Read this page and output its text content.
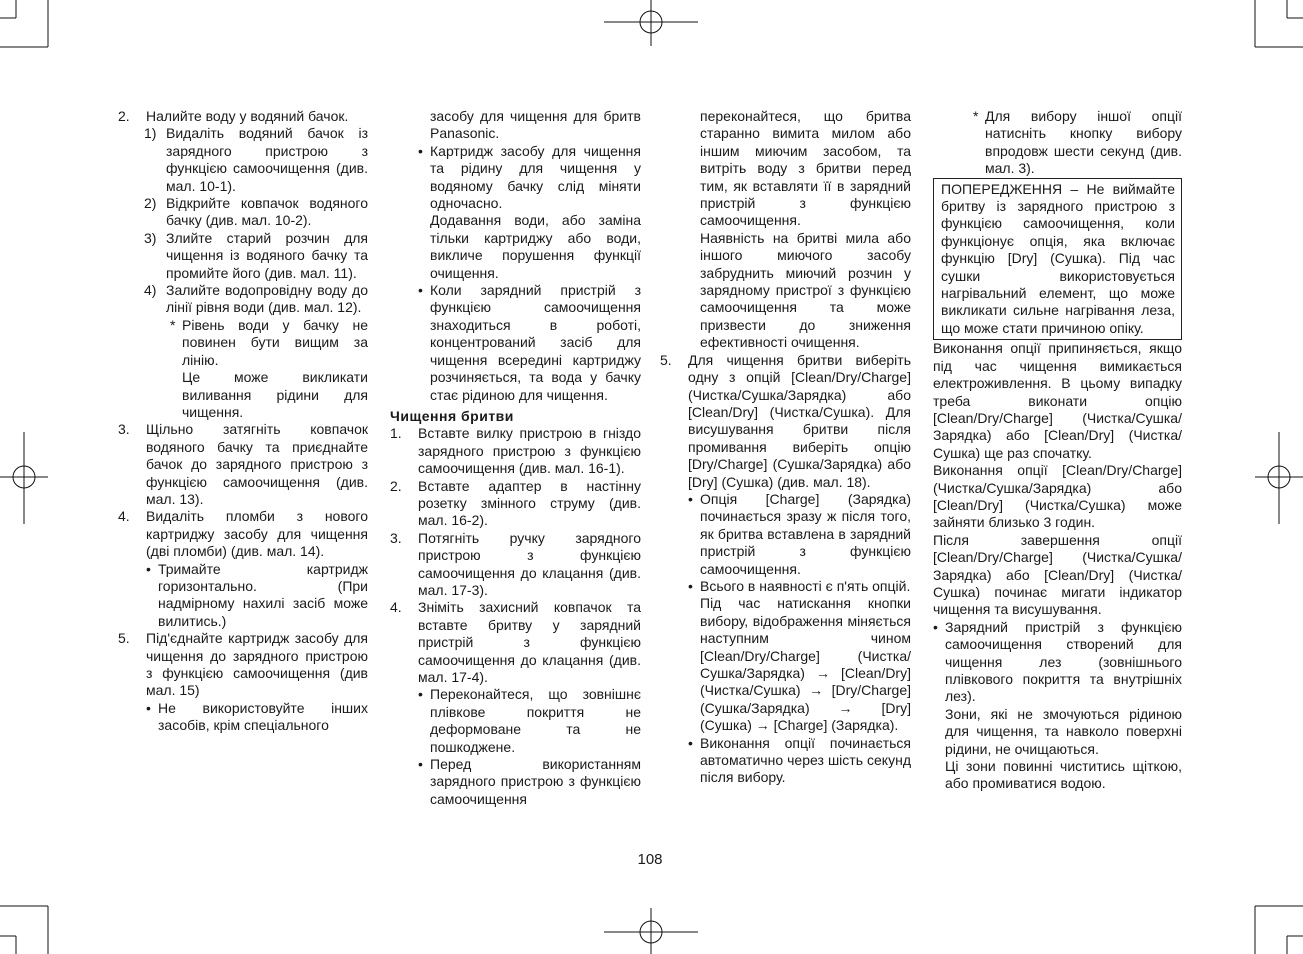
2. Налийте воду у водяний бачок.

1) Видаліть водяний бачок із зарядного пристрою з функцією самоочищення (див. мал. 10-1).

2) Відкрийте ковпачок водяного бачку (див. мал. 10-2).

3) Злийте старий розчин для чищення із водяного бачку та промийте його (див. мал. 11).

4) Залийте водопровідну воду до лінії рівня води (див. мал. 12).

* Рівень води у бачку не повинен бути вищим за лінію.

Це може викликати виливання рідини для чищення.

3. Щільно затягніть ковпачок водяного бачку та приєднайте бачок до зарядного пристрою з функцією самоочищення (див. мал. 13).

4. Видаліть пломби з нового картриджу засобу для чищення (дві пломби) (див. мал. 14).

• Тримайте картридж горизонтально. (При надмірному нахилі засіб може вилитись.)

5. Під'єднайте картридж засобу для чищення до зарядного пристрою з функцією самоочищення (див мал. 15)

• Не використовуйте інших засобів, крім спеціального

засобу для чищення для бритв Panasonic.

• Картридж засобу для чищення та рідину для чищення у водяному бачку слід міняти одночасно.

Додавання води, або заміна тільки картриджу або води, викличе порушення функції очищення.

• Коли зарядний пристрій з функцією самоочищення знаходиться в роботі, концентрований засіб для чищення всередині картриджу розчиняється, та вода у бачку стає рідиною для чищення.

Чищення бритви

1. Вставте вилку пристрою в гніздо зарядного пристрою з функцією самоочищення (див. мал. 16-1).

2. Вставте адаптер в настінну розетку змінного струму (див. мал. 16-2).

3. Потягніть ручку зарядного пристрою з функцією самоочищення до клацання (див. мал. 17-3).

4. Зніміть захисний ковпачок та вставте бритву у зарядний пристрій з функцією самоочищення до клацання (див. мал. 17-4).

• Переконайтеся, що зовнішнє плівкове покриття не деформоване та не пошкоджене.

• Перед використанням зарядного пристрою з функцією самоочищення

переконайтеся, що бритва старанно вимита милом або іншим миючим засобом, та витріть воду з бритви перед тим, як вставляти її в зарядний пристрій з функцією самоочищення.

Наявність на бритві мила або іншого миючого засобу забруднить миючий розчин у зарядному пристрої з функцією самоочищення та може призвести до зниження ефективності очищення.

5. Для чищення бритви виберіть одну з опцій [Clean/Dry/Charge] (Чистка/Сушка/Зарядка) або [Clean/Dry] (Чистка/Сушка). Для висушування бритви після промивання виберіть опцію [Dry/Charge] (Сушка/Зарядка) або [Dry] (Сушка) (див. мал. 18).

• Опція [Charge] (Зарядка) починається зразу ж після того, як бритва вставлена в зарядний пристрій з функцією самоочищення.

• Всього в наявності є п'ять опцій.

Під час натискання кнопки вибору, відображення міняється наступним чином [Clean/Dry/Charge] (Чистка/Сушка/Зарядка) → [Clean/Dry] (Чистка/Сушка) → [Dry/Charge] (Сушка/Зарядка) → [Dry] (Сушка) → [Charge] (Зарядка).

• Виконання опції починається автоматично через шість секунд після вибору.

* Для вибору іншої опції натисніть кнопку вибору впродовж шести секунд (див. мал. 3).

ПОПЕРЕДЖЕННЯ – Не виймайте бритву із зарядного пристрою з функцією самоочищення, коли функціонує опція, яка включає функцію [Dry] (Сушка). Під час сушки використовується нагрівальний елемент, що може викликати сильне нагрівання леза, що може стати причиною опіку.

Виконання опції припиняється, якщо під час чищення вимикається електроживлення. В цьому випадку треба виконати опцію [Clean/Dry/Charge] (Чистка/Сушка/Зарядка) або [Clean/Dry] (Чистка/Сушка) ще раз спочатку.

Виконання опції [Clean/Dry/Charge] (Чистка/Сушка/Зарядка) або [Clean/Dry] (Чистка/Сушка) може зайняти близько 3 годин.

Після завершення опції [Clean/Dry/Charge] (Чистка/Сушка/Зарядка) або [Clean/Dry] (Чистка/Сушка) починає мигати індикатор чищення та висушування.

• Зарядний пристрій з функцією самоочищення створений для чищення лез (зовнішнього плівкового покриття та внутрішніх лез).

Зони, які не змочуються рідиною для чищення, та навколо поверхні рідини, не очищаються.

Ці зони повинні чиститись щіткою, або промиватися водою.

108
